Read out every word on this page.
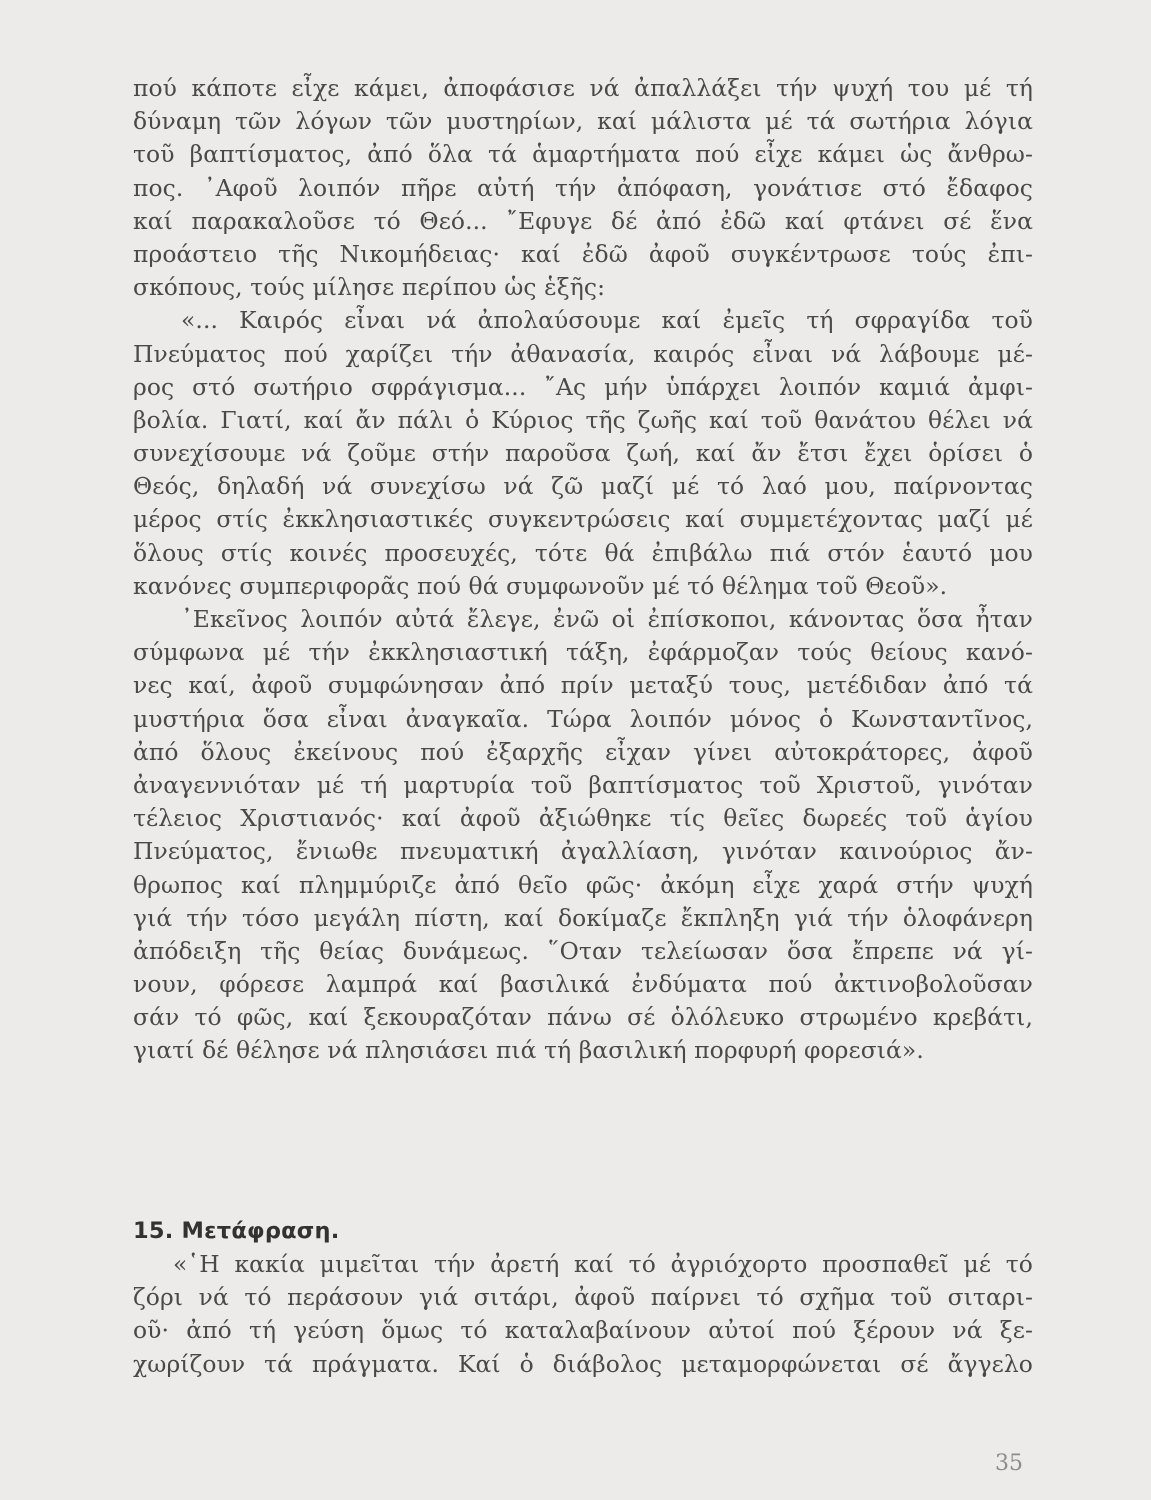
πού κάποτε εἶχε κάμει, ἀποφάσισε νά ἀπαλλάξει τήν ψυχή του μέ τή
δύναμη τῶν λόγων τῶν μυστηρίων, καί μάλιστα μέ τά σωτήρια λόγια
τοῦ βαπτίσματος, ἀπό ὅλα τά ἁμαρτήματα πού εἶχε κάμει ὡς ἄνθρω-
πος. ᾿Αφοῦ λοιπόν πῆρε αὐτή τήν ἀπόφαση, γονάτισε στό ἔδαφος
καί παρακαλοῦσε τό Θεό... ῎Εφυγε δέ ἀπό ἐδῶ καί φτάνει σέ ἕνα
προάστειο τῆς Νικομήδειας· καί ἐδῶ ἀφοῦ συγκέντρωσε τούς ἐπι-
σκόπους, τούς μίλησε περίπου ὡς ἑξῆς:
«... Καιρός εἶναι νά ἀπολαύσουμε καί ἐμεῖς τή σφραγίδα τοῦ
Πνεύματος πού χαρίζει τήν ἀθανασία, καιρός εἶναι νά λάβουμε μέ-
ρος στό σωτήριο σφράγισμα... ῎Ας μήν ὑπάρχει λοιπόν καμιά ἀμφι-
βολία. Γιατί, καί ἄν πάλι ὁ Κύριος τῆς ζωῆς καί τοῦ θανάτου θέλει νά
συνεχίσουμε νά ζοῦμε στήν παροῦσα ζωή, καί ἄν ἔτσι ἔχει ὁρίσει ὁ
Θεός, δηλαδή νά συνεχίσω νά ζῶ μαζί μέ τό λαό μου, παίρνοντας
μέρος στίς ἐκκλησιαστικές συγκεντρώσεις καί συμμετέχοντας μαζί μέ
ὅλους στίς κοινές προσευχές, τότε θά ἐπιβάλω πιά στόν ἑαυτό μου
κανόνες συμπεριφορᾶς πού θά συμφωνοῦν μέ τό θέλημα τοῦ Θεοῦ».
᾿Εκεῖνος λοιπόν αὐτά ἔλεγε, ἐνῶ οἱ ἐπίσκοποι, κάνοντας ὅσα ἦταν
σύμφωνα μέ τήν ἐκκλησιαστική τάξη, ἐφάρμοζαν τούς θείους κανό-
νες καί, ἀφοῦ συμφώνησαν ἀπό πρίν μεταξύ τους, μετέδιδαν ἀπό τά
μυστήρια ὅσα εἶναι ἀναγκαῖα. Τώρα λοιπόν μόνος ὁ Κωνσταντῖνος,
ἀπό ὅλους ἐκείνους πού ἐξαρχῆς εἶχαν γίνει αὐτοκράτορες, ἀφοῦ
ἀναγεννιόταν μέ τή μαρτυρία τοῦ βαπτίσματος τοῦ Χριστοῦ, γινόταν
τέλειος Χριστιανός· καί ἀφοῦ ἀξιώθηκε τίς θεῖες δωρεές τοῦ ἁγίου
Πνεύματος, ἔνιωθε πνευματική ἀγαλλίαση, γινόταν καινούριος ἄν-
θρωπος καί πλημμύριζε ἀπό θεῖο φῶς· ἀκόμη εἶχε χαρά στήν ψυχή
γιά τήν τόσο μεγάλη πίστη, καί δοκίμαζε ἔκπληξη γιά τήν ὁλοφάνερη
ἀπόδειξη τῆς θείας δυνάμεως. ῞Οταν τελείωσαν ὅσα ἔπρεπε νά γί-
νουν, φόρεσε λαμπρά καί βασιλικά ἐνδύματα πού ἀκτινοβολοῦσαν
σάν τό φῶς, καί ξεκουραζόταν πάνω σέ ὁλόλευκο στρωμένο κρεβάτι,
γιατί δέ θέλησε νά πλησιάσει πιά τή βασιλική πορφυρή φορεσιά».
15. Μετάφραση.
«῾Η κακία μιμεῖται τήν ἀρετή καί τό ἀγριόχορτο προσπαθεῖ μέ τό
ζόρι νά τό περάσουν γιά σιτάρι, ἀφοῦ παίρνει τό σχῆμα τοῦ σιταρι-
οῦ· ἀπό τή γεύση ὅμως τό καταλαβαίνουν αὐτοί πού ξέρουν νά ξε-
χωρίζουν τά πράγματα. Καί ὁ διάβολος μεταμορφώνεται σέ ἄγγελο
35
